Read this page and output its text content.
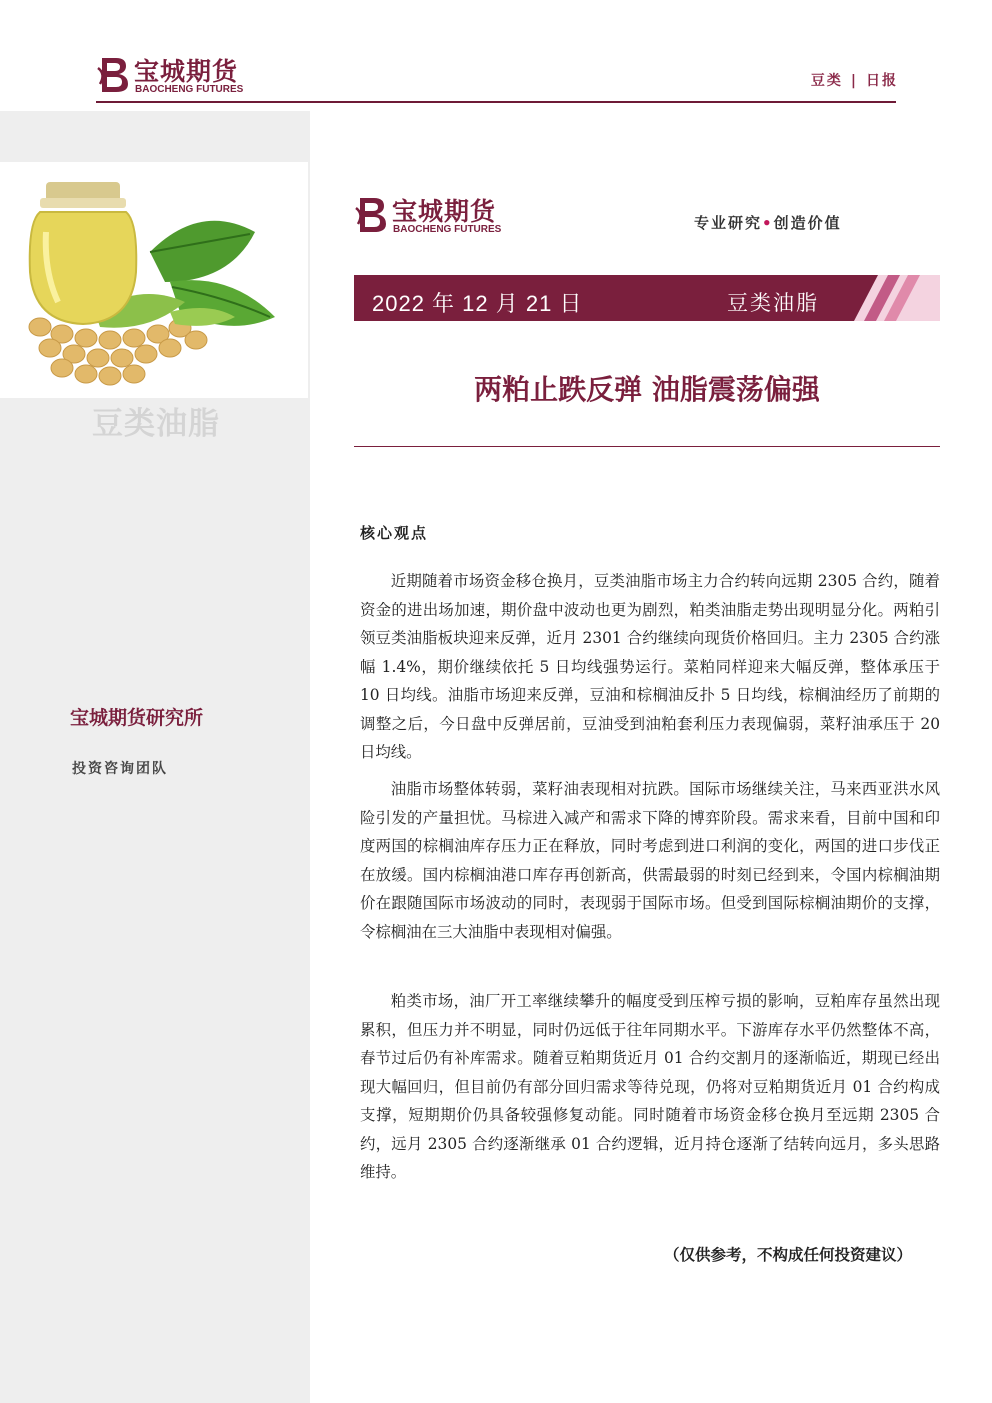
宝城期货
BAOCHENG FUTURES
豆类 | 日报
豆类油脂
宝城期货研究所
投资咨询团队
宝城期货
BAOCHENG FUTURES	专业研究•创造价值
2022 年 12 月 21 日	豆类油脂
两粕止跌反弹 油脂震荡偏强
核心观点

近期随着市场资金移仓换月，豆类油脂市场主力合约转向远期 2305 合约，随着资金的进出场加速，期价盘中波动也更为剧烈，粕类油脂走势出现明显分化。两粕引领豆类油脂板块迎来反弹，近月 2301 合约继续向现货价格回归。主力 2305 合约涨幅 1.4%，期价继续依托 5 日均线强势运行。菜粕同样迎来大幅反弹，整体承压于 10 日均线。油脂市场迎来反弹，豆油和棕榈油反扑 5 日均线，棕榈油经历了前期的调整之后，今日盘中反弹居前，豆油受到油粕套利压力表现偏弱，菜籽油承压于 20 日均线。

油脂市场整体转弱，菜籽油表现相对抗跌。国际市场继续关注，马来西亚洪水风险引发的产量担忧。马棕进入减产和需求下降的博弈阶段。需求来看，目前中国和印度两国的棕榈油库存压力正在释放，同时考虑到进口利润的变化，两国的进口步伐正在放缓。国内棕榈油港口库存再创新高，供需最弱的时刻已经到来，令国内棕榈油期价在跟随国际市场波动的同时，表现弱于国际市场。但受到国际棕榈油期价的支撑，令棕榈油在三大油脂中表现相对偏强。

粕类市场，油厂开工率继续攀升的幅度受到压榨亏损的影响，豆粕库存虽然出现累积，但压力并不明显，同时仍远低于往年同期水平。下游库存水平仍然整体不高，春节过后仍有补库需求。随着豆粕期货近月 01 合约交割月的逐渐临近，期现已经出现大幅回归，但目前仍有部分回归需求等待兑现，仍将对豆粕期货近月 01 合约构成支撑，短期期价仍具备较强修复动能。同时随着市场资金移仓换月至远期 2305 合约，远月 2305 合约逐渐继承 01 合约逻辑，近月持仓逐渐了结转向远月，多头思路维持。

（仅供参考，不构成任何投资建议）
